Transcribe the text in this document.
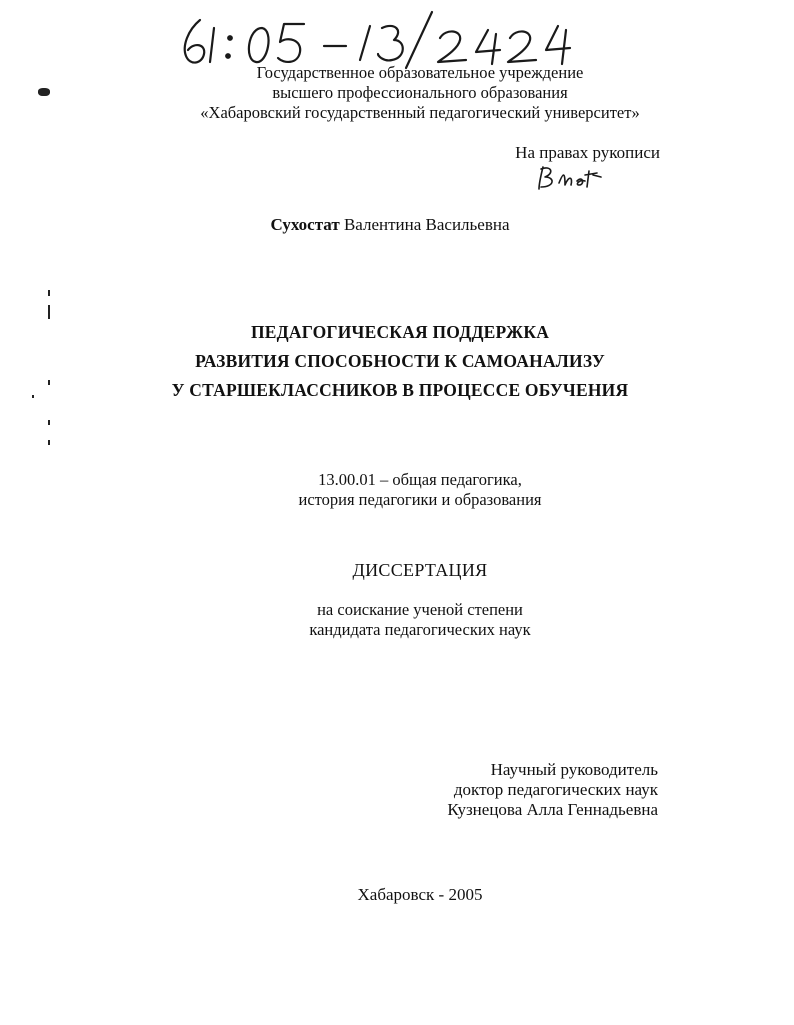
Государственное образовательное учреждение
высшего профессионального образования
«Хабаровский государственный педагогический университет»
На правах рукописи
Сухостат Валентина Васильевна
ПЕДАГОГИЧЕСКАЯ ПОДДЕРЖКА
РАЗВИТИЯ СПОСОБНОСТИ К САМОАНАЛИЗУ
У СТАРШЕКЛАССНИКОВ В ПРОЦЕССЕ ОБУЧЕНИЯ
13.00.01 – общая педагогика,
история педагогики и образования
ДИССЕРТАЦИЯ
на соискание ученой степени
кандидата педагогических наук
Научный руководитель
доктор педагогических наук
Кузнецова Алла Геннадьевна
Хабаровск - 2005
